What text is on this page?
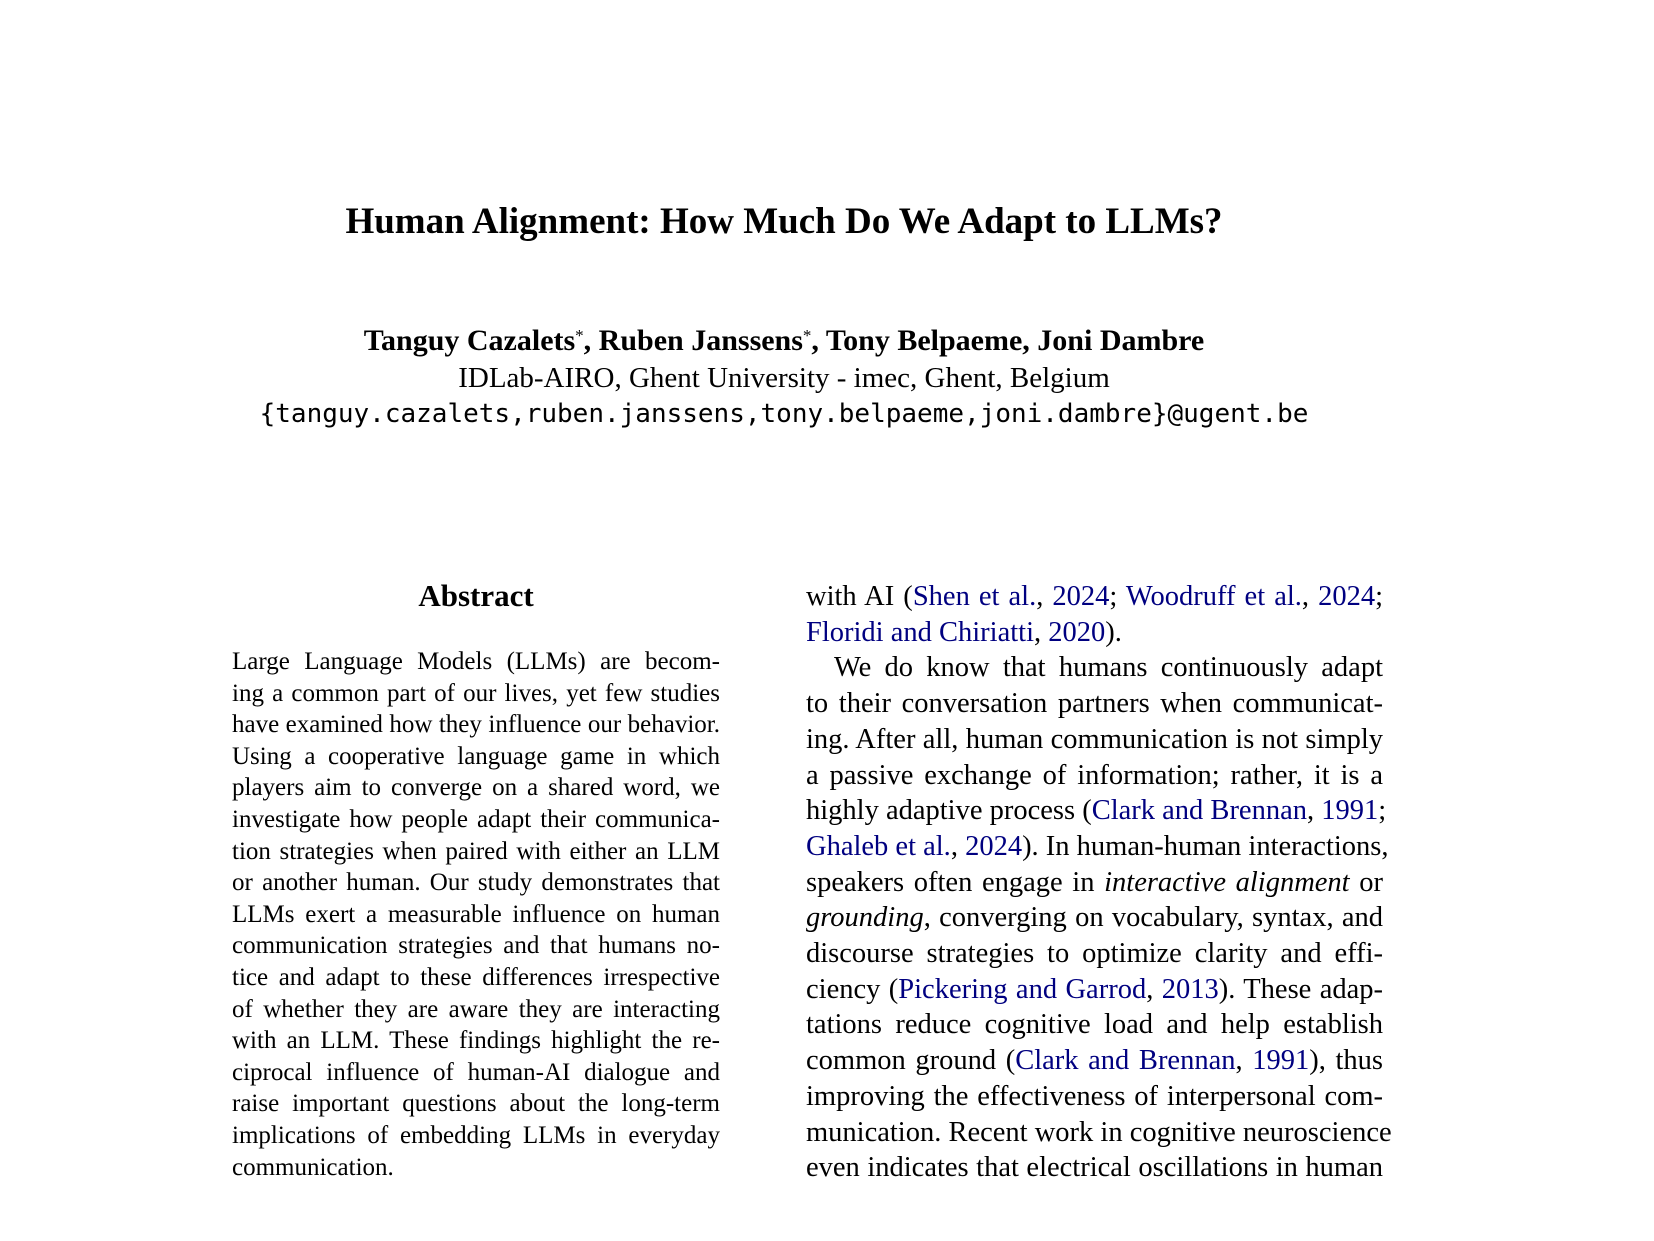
Human Alignment: How Much Do We Adapt to LLMs?
Tanguy Cazalets*, Ruben Janssens*, Tony Belpaeme, Joni Dambre
IDLab-AIRO, Ghent University - imec, Ghent, Belgium
{tanguy.cazalets,ruben.janssens,tony.belpaeme,joni.dambre}@ugent.be
Abstract
Large Language Models (LLMs) are becom-
ing a common part of our lives, yet few studies
have examined how they influence our behavior.
Using a cooperative language game in which
players aim to converge on a shared word, we
investigate how people adapt their communica-
tion strategies when paired with either an LLM
or another human. Our study demonstrates that
LLMs exert a measurable influence on human
communication strategies and that humans no-
tice and adapt to these differences irrespective
of whether they are aware they are interacting
with an LLM. These findings highlight the re-
ciprocal influence of human-AI dialogue and
raise important questions about the long-term
implications of embedding LLMs in everyday
communication.
with AI (Shen et al., 2024; Woodruff et al., 2024;
Floridi and Chiriatti, 2020).
We do know that humans continuously adapt
to their conversation partners when communicat-
ing. After all, human communication is not simply
a passive exchange of information; rather, it is a
highly adaptive process (Clark and Brennan, 1991;
Ghaleb et al., 2024). In human-human interactions,
speakers often engage in interactive alignment or
grounding, converging on vocabulary, syntax, and
discourse strategies to optimize clarity and effi-
ciency (Pickering and Garrod, 2013). These adap-
tations reduce cognitive load and help establish
common ground (Clark and Brennan, 1991), thus
improving the effectiveness of interpersonal com-
munication. Recent work in cognitive neuroscience
even indicates that electrical oscillations in human
